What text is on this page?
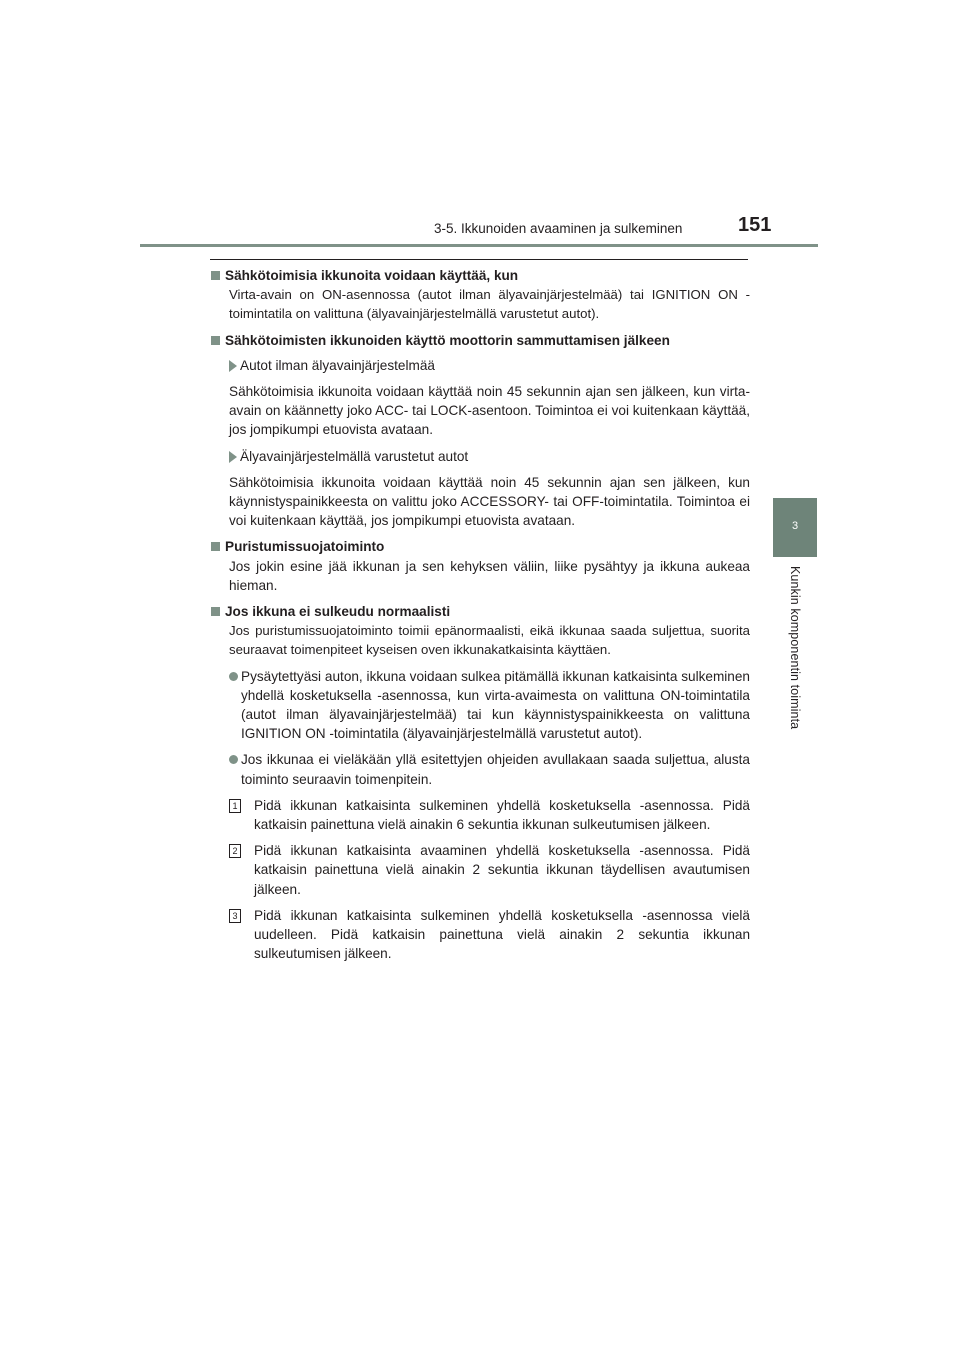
3-5. Ikkunoiden avaaminen ja sulkeminen	151
3
Kunkin komponentin toiminta
Sähkötoimisia ikkunoita voidaan käyttää, kun

Virta-avain on ON-asennossa (autot ilman älyavainjärjestelmää) tai IGNITION ON -toimintatila on valittuna (älyavainjärjestelmällä varustetut autot).

Sähkötoimisten ikkunoiden käyttö moottorin sammuttamisen jälkeen
Autot ilman älyavainjärjestelmää

Sähkötoimisia ikkunoita voidaan käyttää noin 45 sekunnin ajan sen jälkeen, kun virta-avain on käännetty joko ACC- tai LOCK-asentoon. Toimintoa ei voi kuitenkaan käyttää, jos jompikumpi etuovista avataan.

Älyavainjärjestelmällä varustetut autot

Sähkötoimisia ikkunoita voidaan käyttää noin 45 sekunnin ajan sen jälkeen, kun käynnistyspainikkeesta on valittu joko ACCESSORY- tai OFF-toimintatila. Toimintoa ei voi kuitenkaan käyttää, jos jompikumpi etuovista avataan.

Puristumissuojatoiminto

Jos jokin esine jää ikkunan ja sen kehyksen väliin, liike pysähtyy ja ikkuna aukeaa hieman.

Jos ikkuna ei sulkeudu normaalisti

Jos puristumissuojatoiminto toimii epänormaalisti, eikä ikkunaa saada suljettua, suorita seuraavat toimenpiteet kyseisen oven ikkunakatkaisinta käyttäen.

Pysäytettyäsi auton, ikkuna voidaan sulkea pitämällä ikkunan katkaisinta sulkeminen yhdellä kosketuksella -asennossa, kun virta-avaimesta on valittuna ON-toimintatila (autot ilman älyavainjärjestelmää) tai kun käynnistyspainikkeesta on valittuna IGNITION ON -toimintatila (älyavainjärjestelmällä varustetut autot).
Jos ikkunaa ei vieläkään yllä esitettyjen ohjeiden avullakaan saada suljettua, alusta toiminto seuraavin toimenpitein.
1 Pidä ikkunan katkaisinta sulkeminen yhdellä kosketuksella -asennossa. Pidä katkaisin painettuna vielä ainakin 6 sekuntia ikkunan sulkeutumisen jälkeen.
2 Pidä ikkunan katkaisinta avaaminen yhdellä kosketuksella -asennossa. Pidä katkaisin painettuna vielä ainakin 2 sekuntia ikkunan täydellisen avautumisen jälkeen.
3 Pidä ikkunan katkaisinta sulkeminen yhdellä kosketuksella -asennossa vielä uudelleen. Pidä katkaisin painettuna vielä ainakin 2 sekuntia ikkunan sulkeutumisen jälkeen.
